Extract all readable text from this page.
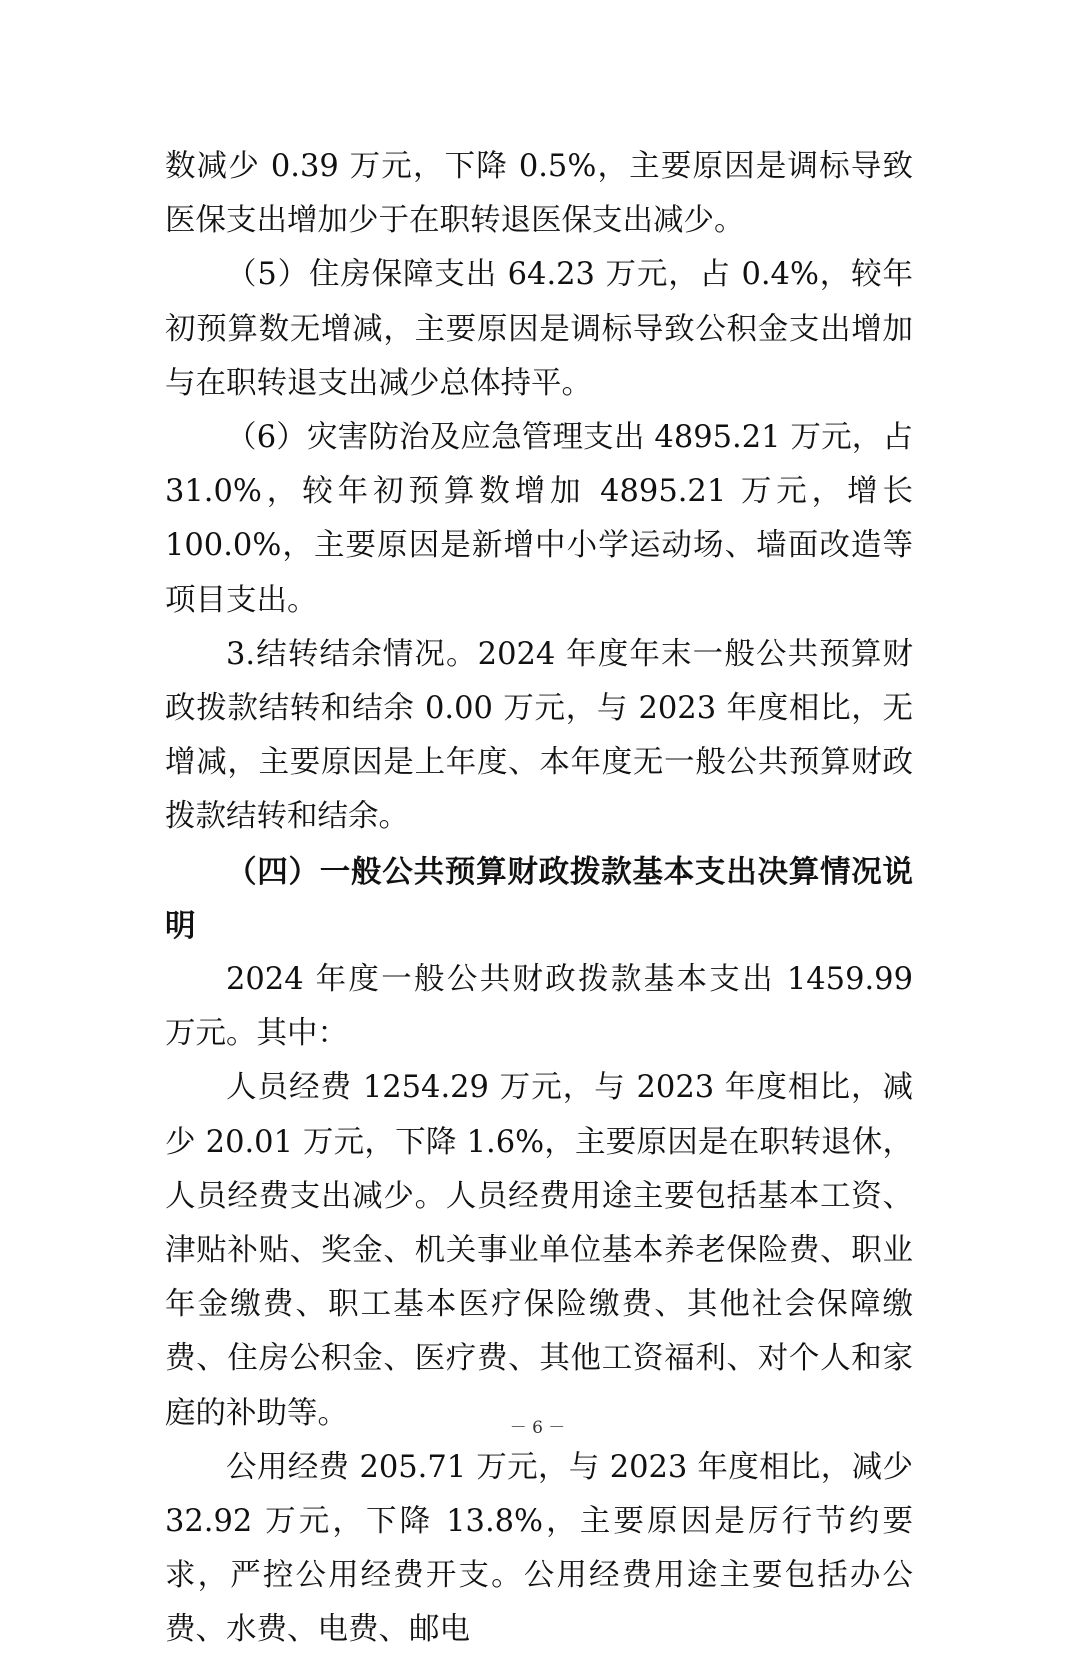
数减少 0.39 万元，下降 0.5%，主要原因是调标导致医保支出增加少于在职转退医保支出减少。

（5）住房保障支出 64.23 万元，占 0.4%，较年初预算数无增减，主要原因是调标导致公积金支出增加与在职转退支出减少总体持平。

（6）灾害防治及应急管理支出 4895.21 万元，占 31.0%，较年初预算数增加 4895.21 万元，增长 100.0%，主要原因是新增中小学运动场、墙面改造等项目支出。

3.结转结余情况。2024 年度年末一般公共预算财政拨款结转和结余 0.00 万元，与 2023 年度相比，无增减，主要原因是上年度、本年度无一般公共预算财政拨款结转和结余。

（四）一般公共预算财政拨款基本支出决算情况说明

2024 年度一般公共财政拨款基本支出 1459.99 万元。其中：

人员经费 1254.29 万元，与 2023 年度相比，减少 20.01 万元，下降 1.6%，主要原因是在职转退休，人员经费支出减少。人员经费用途主要包括基本工资、津贴补贴、奖金、机关事业单位基本养老保险费、职业年金缴费、职工基本医疗保险缴费、其他社会保障缴费、住房公积金、医疗费、其他工资福利、对个人和家庭的补助等。

公用经费 205.71 万元，与 2023 年度相比，减少 32.92 万元，下降 13.8%，主要原因是厉行节约要求，严控公用经费开支。公用经费用途主要包括办公费、水费、电费、邮电

－ 6 －
